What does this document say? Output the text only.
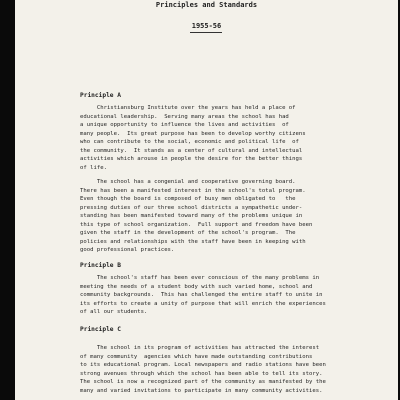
Principles and Standards
1955-56
Principle A
Christiansburg Institute over the years has held a place of
educational leadership.  Serving many areas the school has had
a unique opportunity to influence the lives and activities  of
many people.  Its great purpose has been to develop worthy citizens
who can contribute to the social, economic and political life  of
the community.  It stands as a center of cultural and intellectual
activities which arouse in people the desire for the better things
of life.
The school has a congenial and cooperative governing board.
There has been a manifested interest in the school's total program.
Even though the board is composed of busy men obligated to   the
pressing duties of our three school districts a sympathetic under-
standing has been manifested toward many of the problems unique in
this type of school organization.  Full support and freedom have been
given the staff in the development of the school's program.  The
policies and relationships with the staff have been in keeping with
good professional practices.
Principle B
The school's staff has been ever conscious of the many problems in
meeting the needs of a student body with such varied home, school and
community backgrounds.  This has challenged the entire staff to unite in
its efforts to create a unity of purpose that will enrich the experiences
of all our students.
Principle C
The school in its program of activities has attracted the interest
of many community  agencies which have made outstanding contributions
to its educational program. Local newspapers and radio stations have been
strong avenues through which the school has been able to tell its story.
The school is now a recognized part of the community as manifested by the
many and varied invitations to participate in many community activities.
